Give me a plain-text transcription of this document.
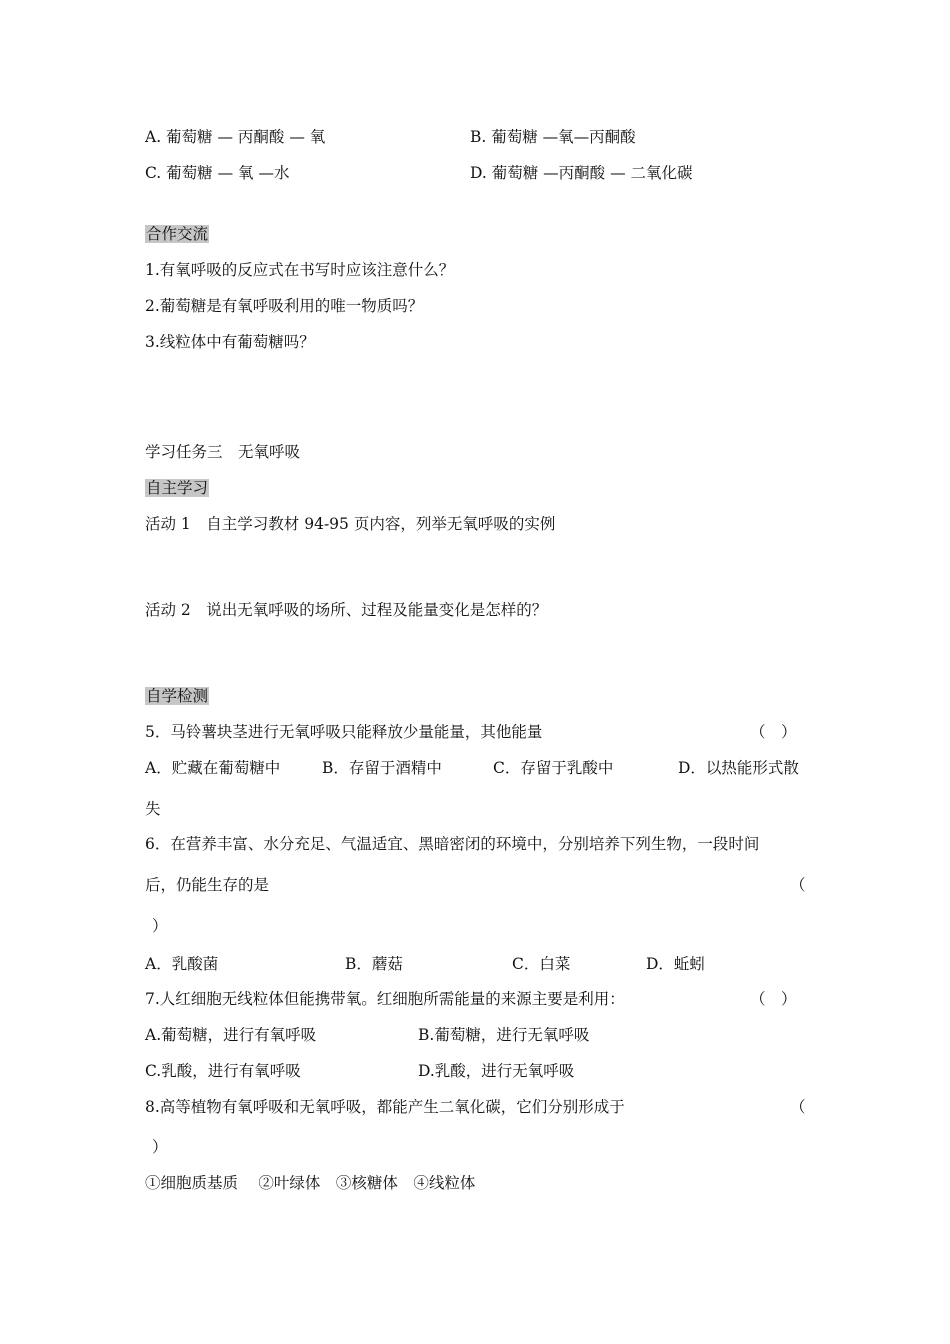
A. 葡萄糖 — 丙酮酸 — 氧	B. 葡萄糖 —氧—丙酮酸
C. 葡萄糖 — 氧 —水	D. 葡萄糖 —丙酮酸 — 二氧化碳
合作交流
1.有氧呼吸的反应式在书写时应该注意什么？
2.葡萄糖是有氧呼吸利用的唯一物质吗？
3.线粒体中有葡萄糖吗？
学习任务三　无氧呼吸
自主学习
活动 1　自主学习教材 94-95 页内容，列举无氧呼吸的实例
活动 2　说出无氧呼吸的场所、过程及能量变化是怎样的？
自学检测
5．马铃薯块茎进行无氧呼吸只能释放少量能量，其他能量	（　）
A．贮藏在葡萄糖中	B．存留于酒精中	C．存留于乳酸中	D．以热能形式散
失
6．在营养丰富、水分充足、气温适宜、黑暗密闭的环境中，分别培养下列生物，一段时间
后，仍能生存的是	（
）
A．乳酸菌	B．蘑菇	C．白菜	D．蚯蚓
7.人红细胞无线粒体但能携带氧。红细胞所需能量的来源主要是利用：	（　）
A.葡萄糖，进行有氧呼吸	B.葡萄糖，进行无氧呼吸
C.乳酸，进行有氧呼吸	D.乳酸，进行无氧呼吸
8.高等植物有氧呼吸和无氧呼吸，都能产生二氧化碳，它们分别形成于	（
）
①细胞质基质　 ②叶绿体　③核糖体　④线粒体
